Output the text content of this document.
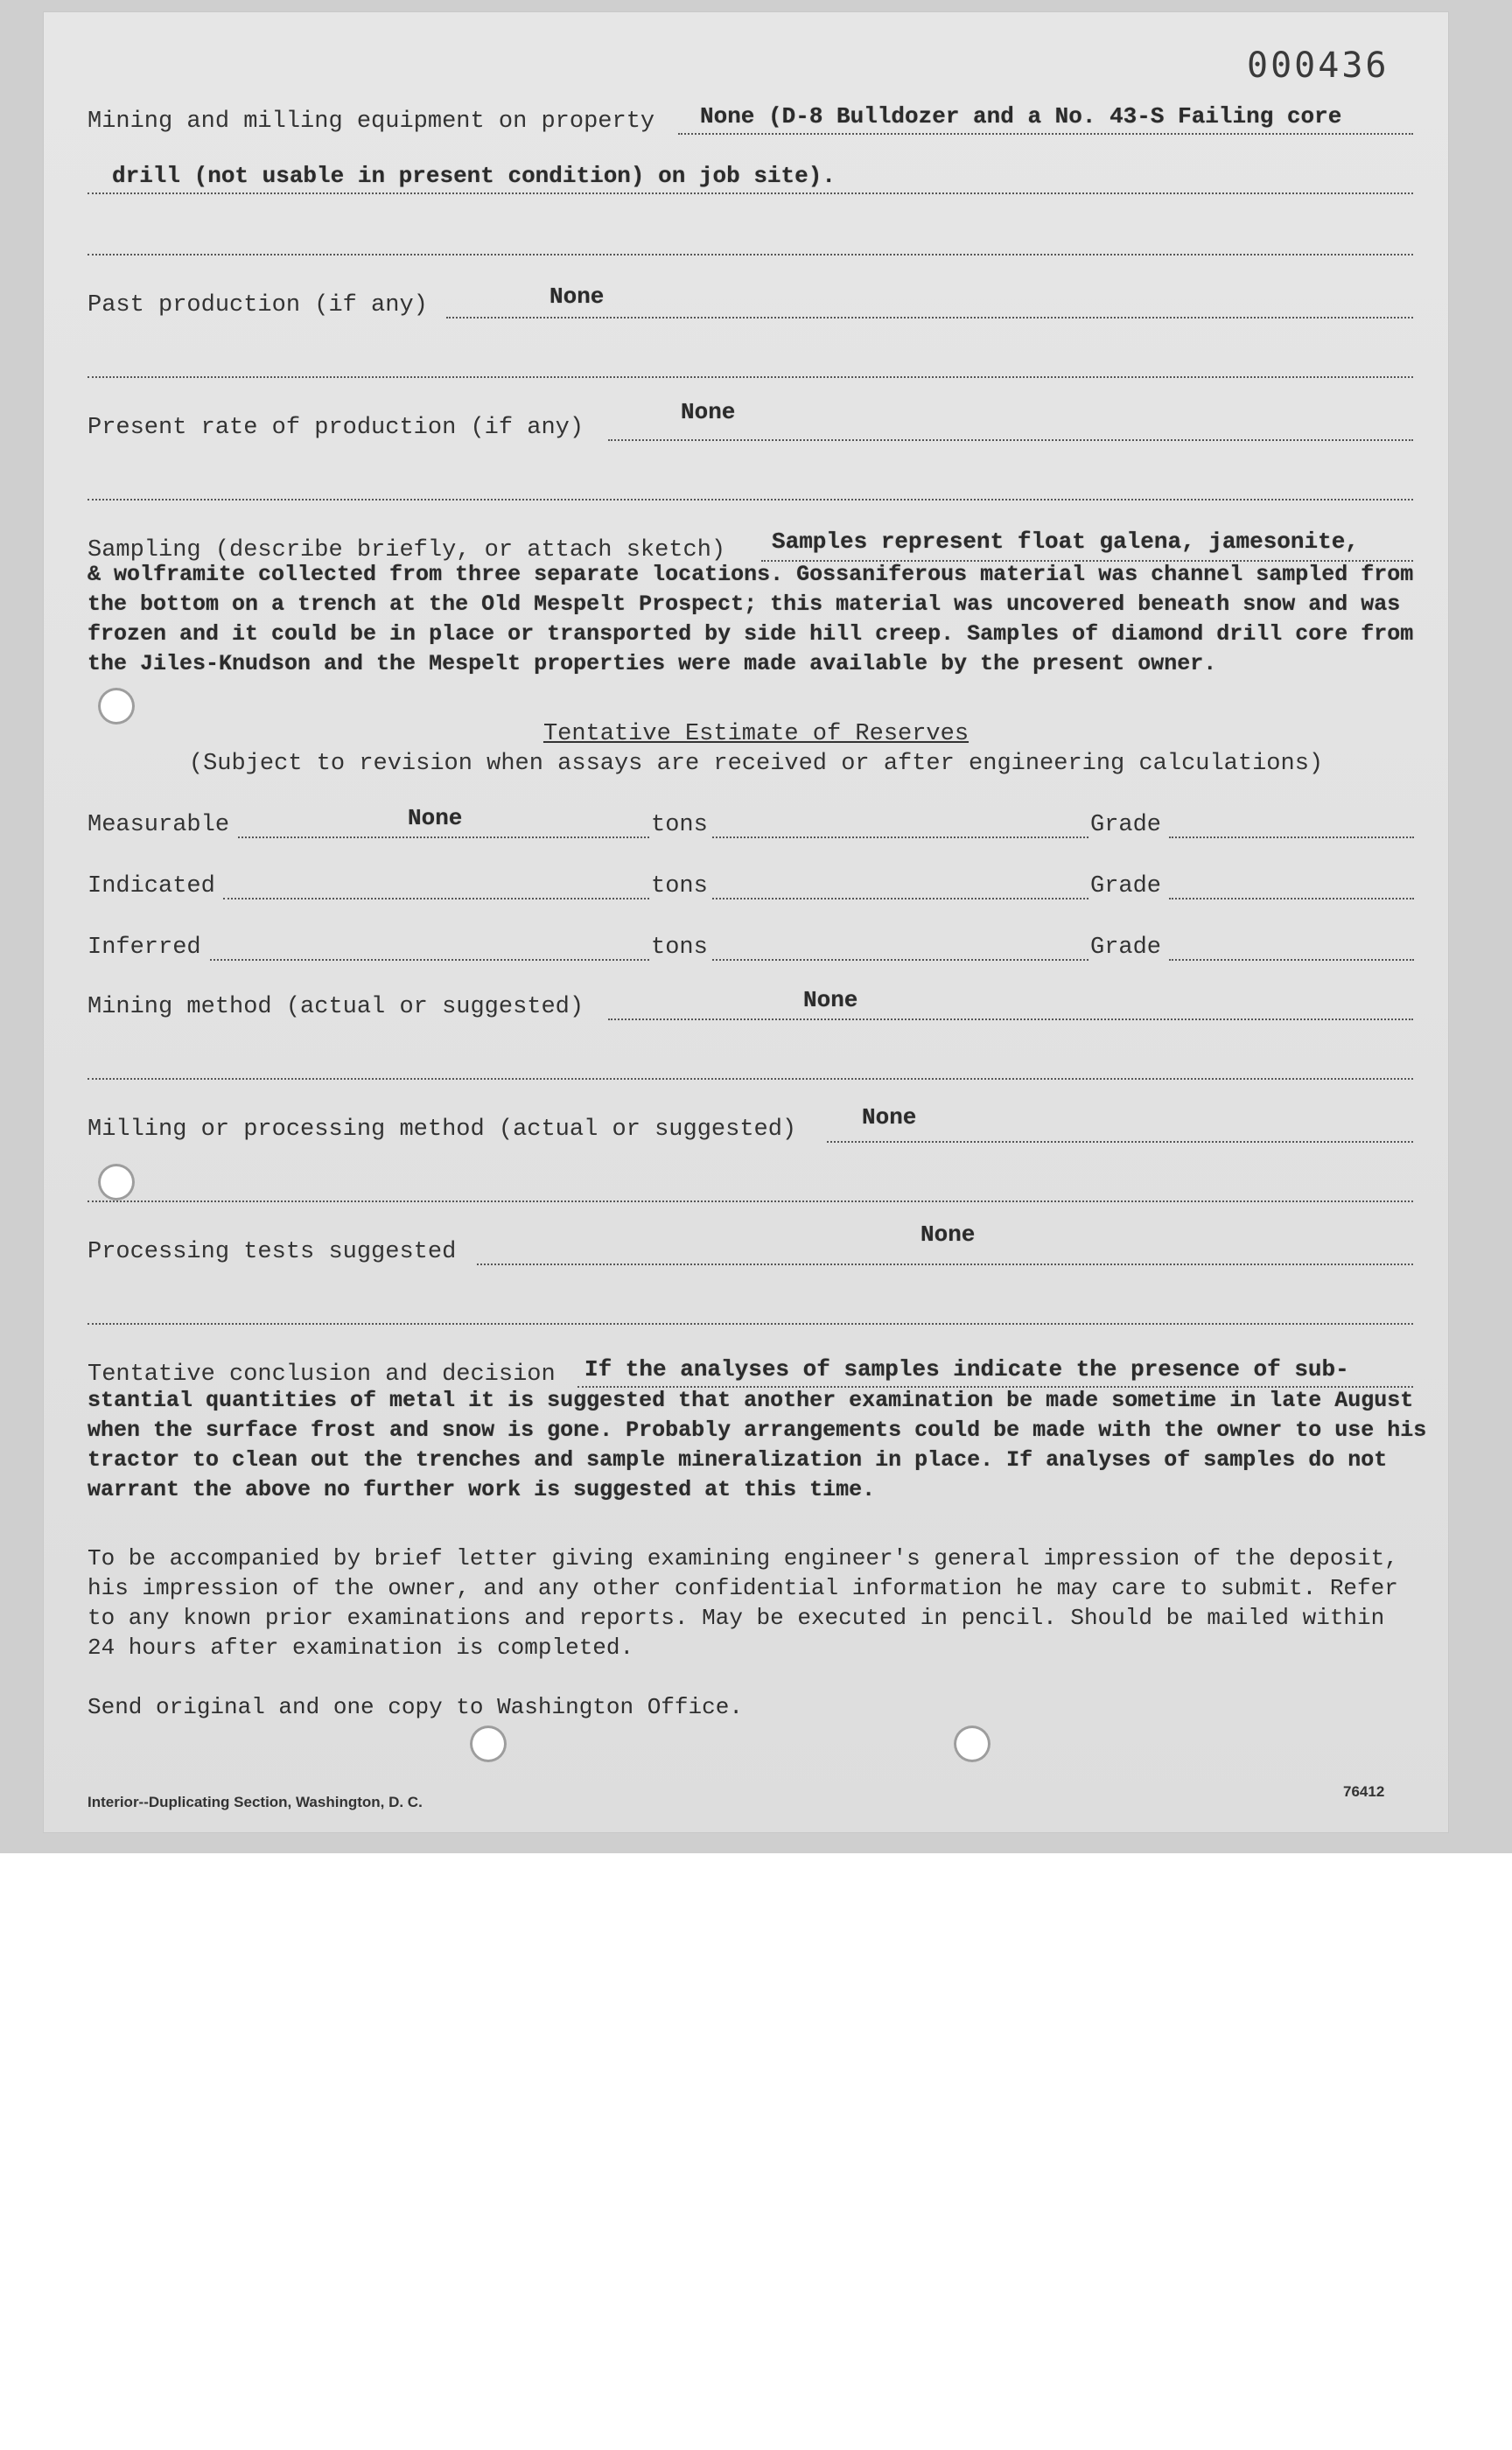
000436
Mining and milling equipment on property None (D-8 Bulldozer and a No. 43-S Failing core
drill (not usable in present condition) on job site).
Past production (if any)	None
Present rate of production (if any)
None
Sampling (describe briefly, or attach sketch) Samples represent float galena, jamesonite,
& wolframite collected from three separate locations. Gossaniferous material was channel sampled from the bottom on a trench at the Old Mespelt Prospect; this material was uncovered beneath snow and was frozen and it could be in place or transported by side hill creep. Samples of diamond drill core from the Jiles-Knudson and the Mespelt properties were made available by the present owner.
Tentative Estimate of Reserves
(Subject to revision when assays are received or after engineering calculations)
Measurable	None	tons	Grade
Indicated	tons	Grade
Inferred	tons	Grade
Mining method (actual or suggested)	None
Milling or processing method (actual or suggested)	None
Processing tests suggested
None
Tentative conclusion and decision If the analyses of samples indicate the presence of sub-
stantial quantities of metal it is suggested that another examination be made sometime in late August when the surface frost and snow is gone. Probably arrangements could be made with the owner to use his tractor to clean out the trenches and sample mineralization in place. If analyses of samples do not warrant the above no further work is suggested at this time.
To be accompanied by brief letter giving examining engineer's general impression of the deposit, his impression of the owner, and any other confidential information he may care to submit. Refer to any known prior examinations and reports. May be executed in pencil. Should be mailed within 24 hours after examination is completed.
Send original and one copy to Washington Office.
Interior--Duplicating Section, Washington, D. C.
76412
